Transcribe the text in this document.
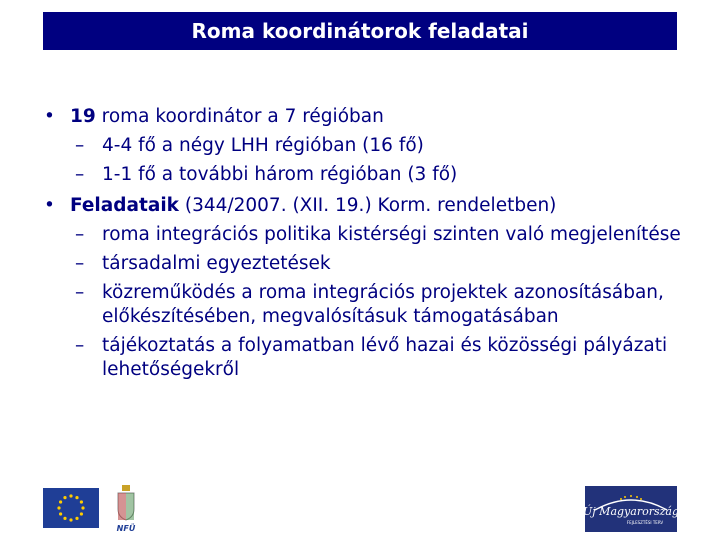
Roma koordinátorok feladatai
• 19 roma koordinátor a 7 régióban
– 4-4 fő a négy LHH régióban (16 fő)
– 1-1 fő a további három régióban (3 fő)
• Feladataik (344/2007. (XII. 19.) Korm. rendeletben)
– roma integrációs politika kistérségi szinten való megjelenítése
– társadalmi egyeztetések
– közreműködés a roma integrációs projektek azonosításában, előkészítésében, megvalósításuk támogatásában
– tájékoztatás a folyamatban lévő hazai és közösségi pályázati lehetőségekről
NFÜ
Új Magyarország
FEJLESZTÉSI TERV
